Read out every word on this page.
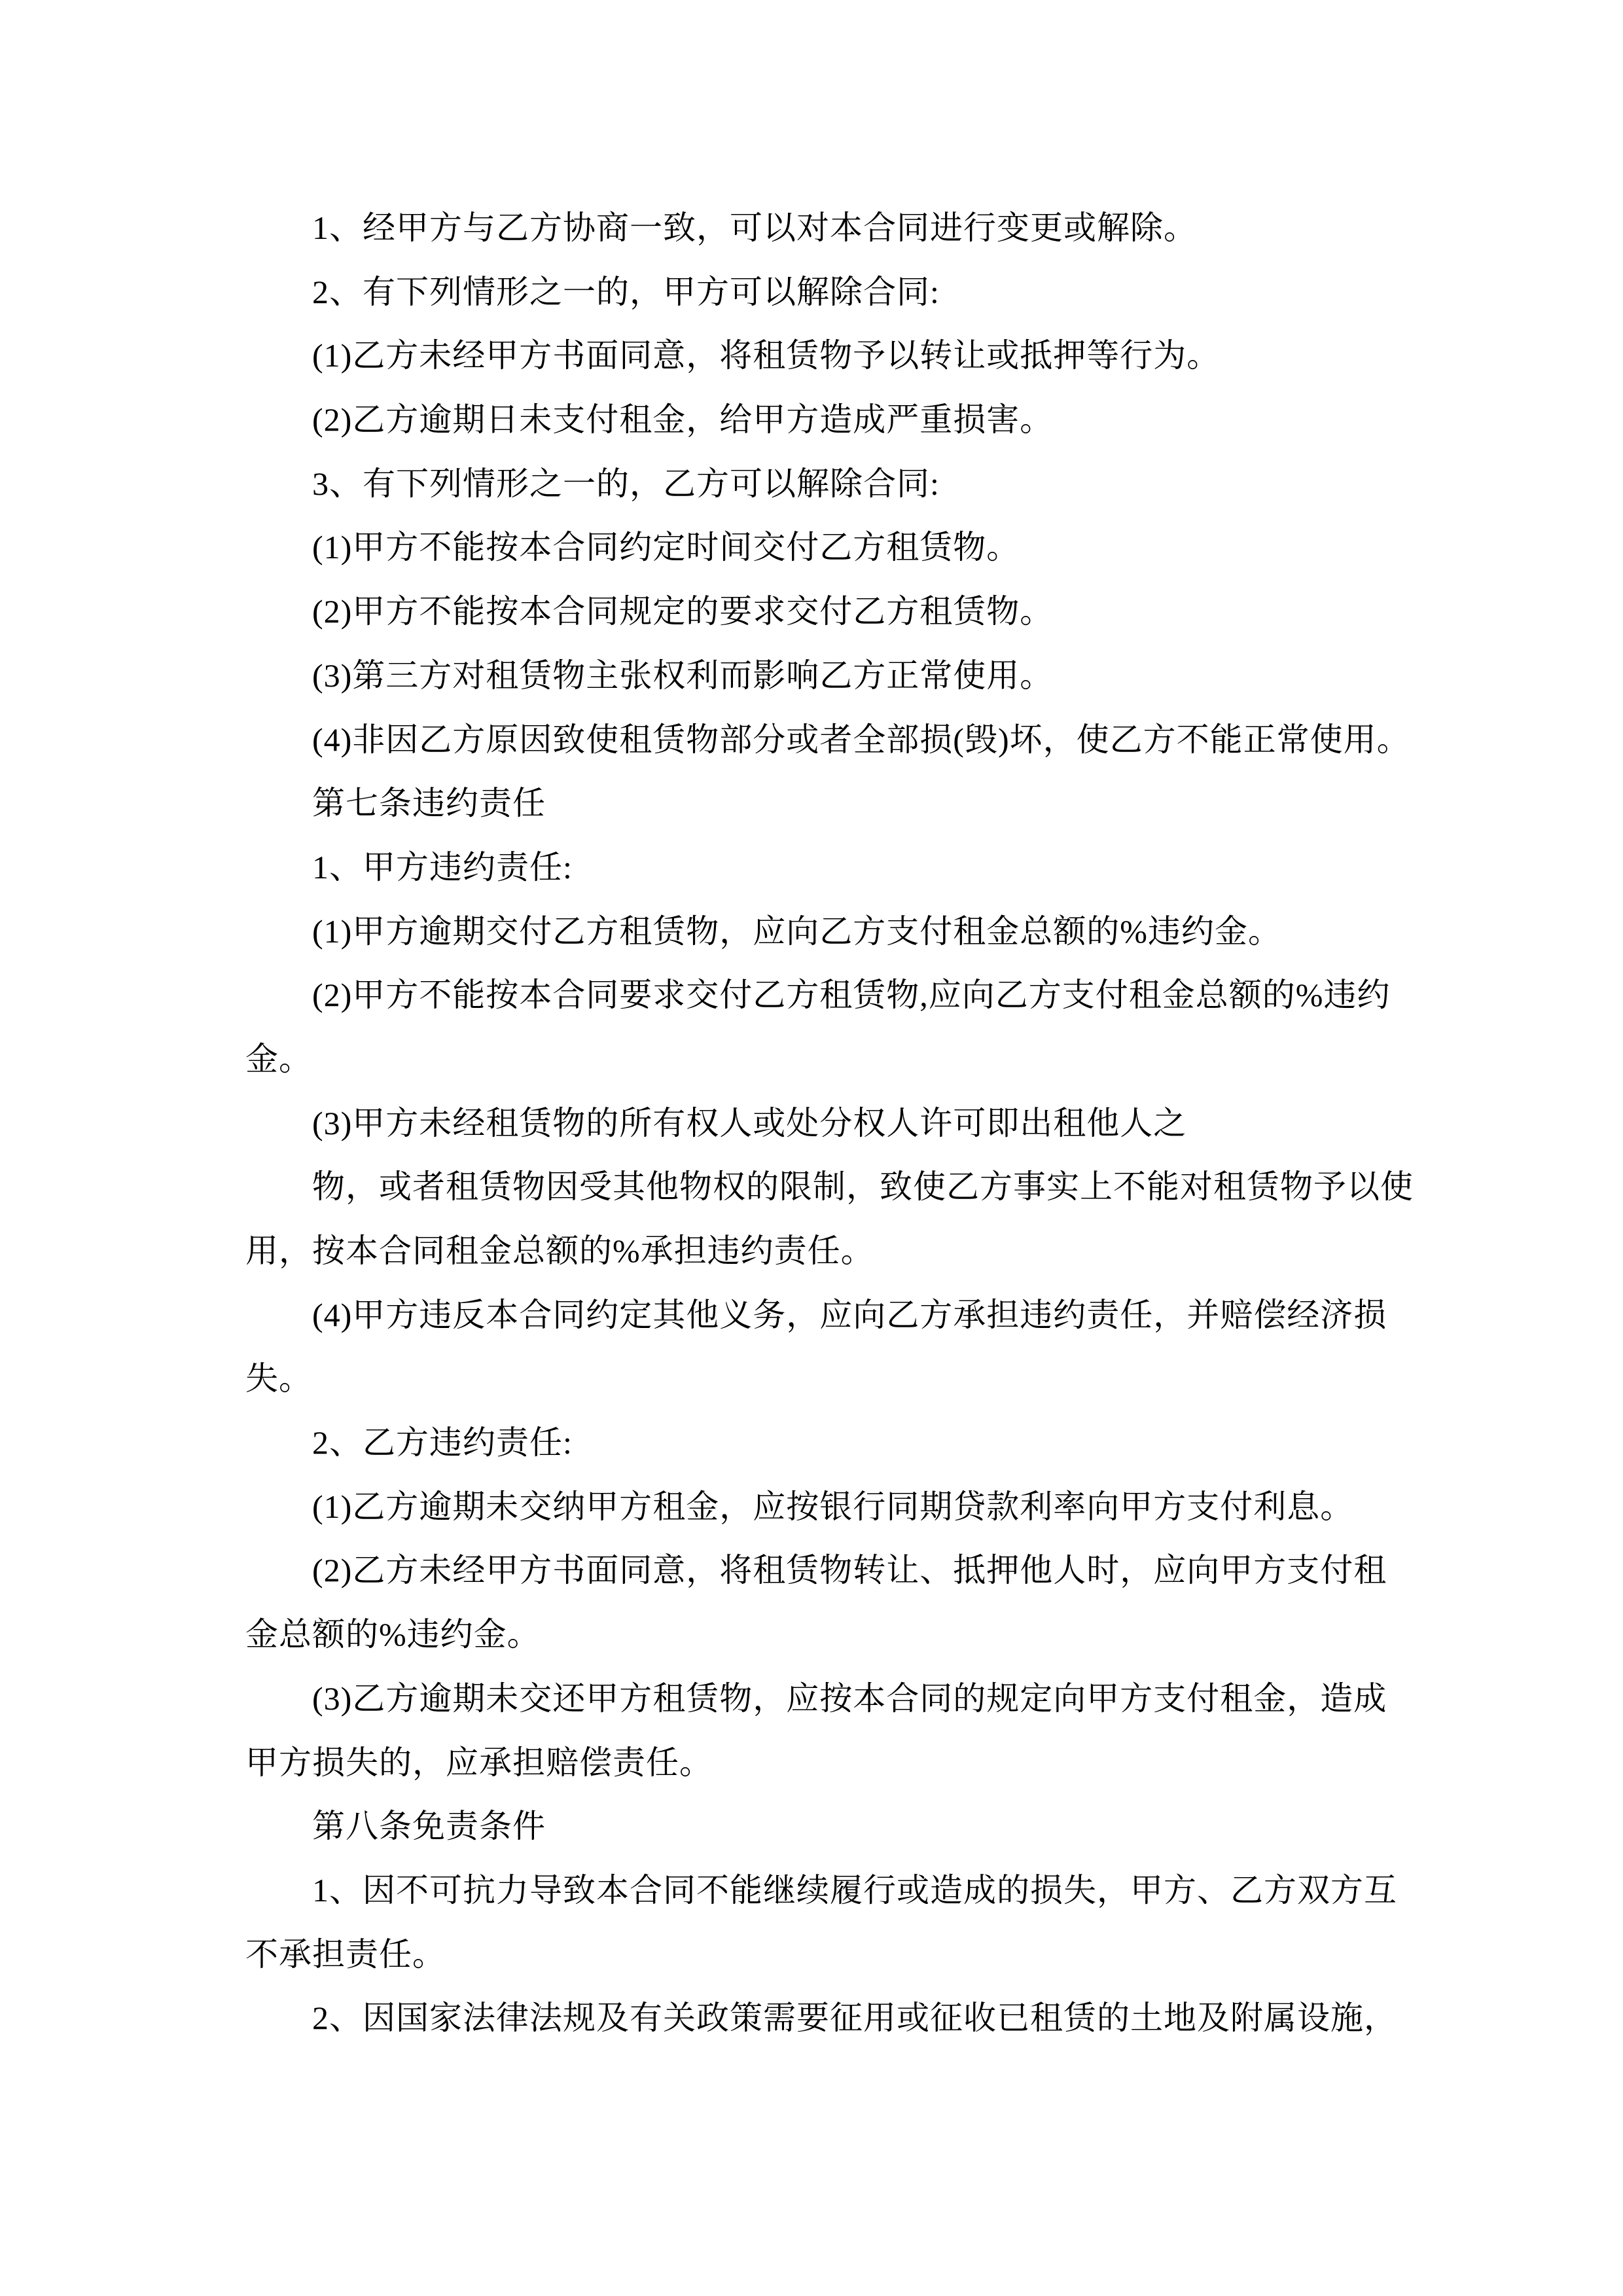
1、经甲方与乙方协商一致，可以对本合同进行变更或解除。
2、有下列情形之一的，甲方可以解除合同:
(1)乙方未经甲方书面同意，将租赁物予以转让或抵押等行为。
(2)乙方逾期日未支付租金，给甲方造成严重损害。
3、有下列情形之一的，乙方可以解除合同:
(1)甲方不能按本合同约定时间交付乙方租赁物。
(2)甲方不能按本合同规定的要求交付乙方租赁物。
(3)第三方对租赁物主张权利而影响乙方正常使用。
(4)非因乙方原因致使租赁物部分或者全部损(毁)坏，使乙方不能正常使用。
第七条违约责任
1、甲方违约责任:
(1)甲方逾期交付乙方租赁物，应向乙方支付租金总额的%违约金。
(2)甲方不能按本合同要求交付乙方租赁物,应向乙方支付租金总额的%违约
金。
(3)甲方未经租赁物的所有权人或处分权人许可即出租他人之
物，或者租赁物因受其他物权的限制，致使乙方事实上不能对租赁物予以使
用，按本合同租金总额的%承担违约责任。
(4)甲方违反本合同约定其他义务，应向乙方承担违约责任，并赔偿经济损
失。
2、乙方违约责任:
(1)乙方逾期未交纳甲方租金，应按银行同期贷款利率向甲方支付利息。
(2)乙方未经甲方书面同意，将租赁物转让、抵押他人时，应向甲方支付租
金总额的%违约金。
(3)乙方逾期未交还甲方租赁物，应按本合同的规定向甲方支付租金，造成
甲方损失的，应承担赔偿责任。
第八条免责条件
1、因不可抗力导致本合同不能继续履行或造成的损失，甲方、乙方双方互
不承担责任。
2、因国家法律法规及有关政策需要征用或征收已租赁的土地及附属设施，
